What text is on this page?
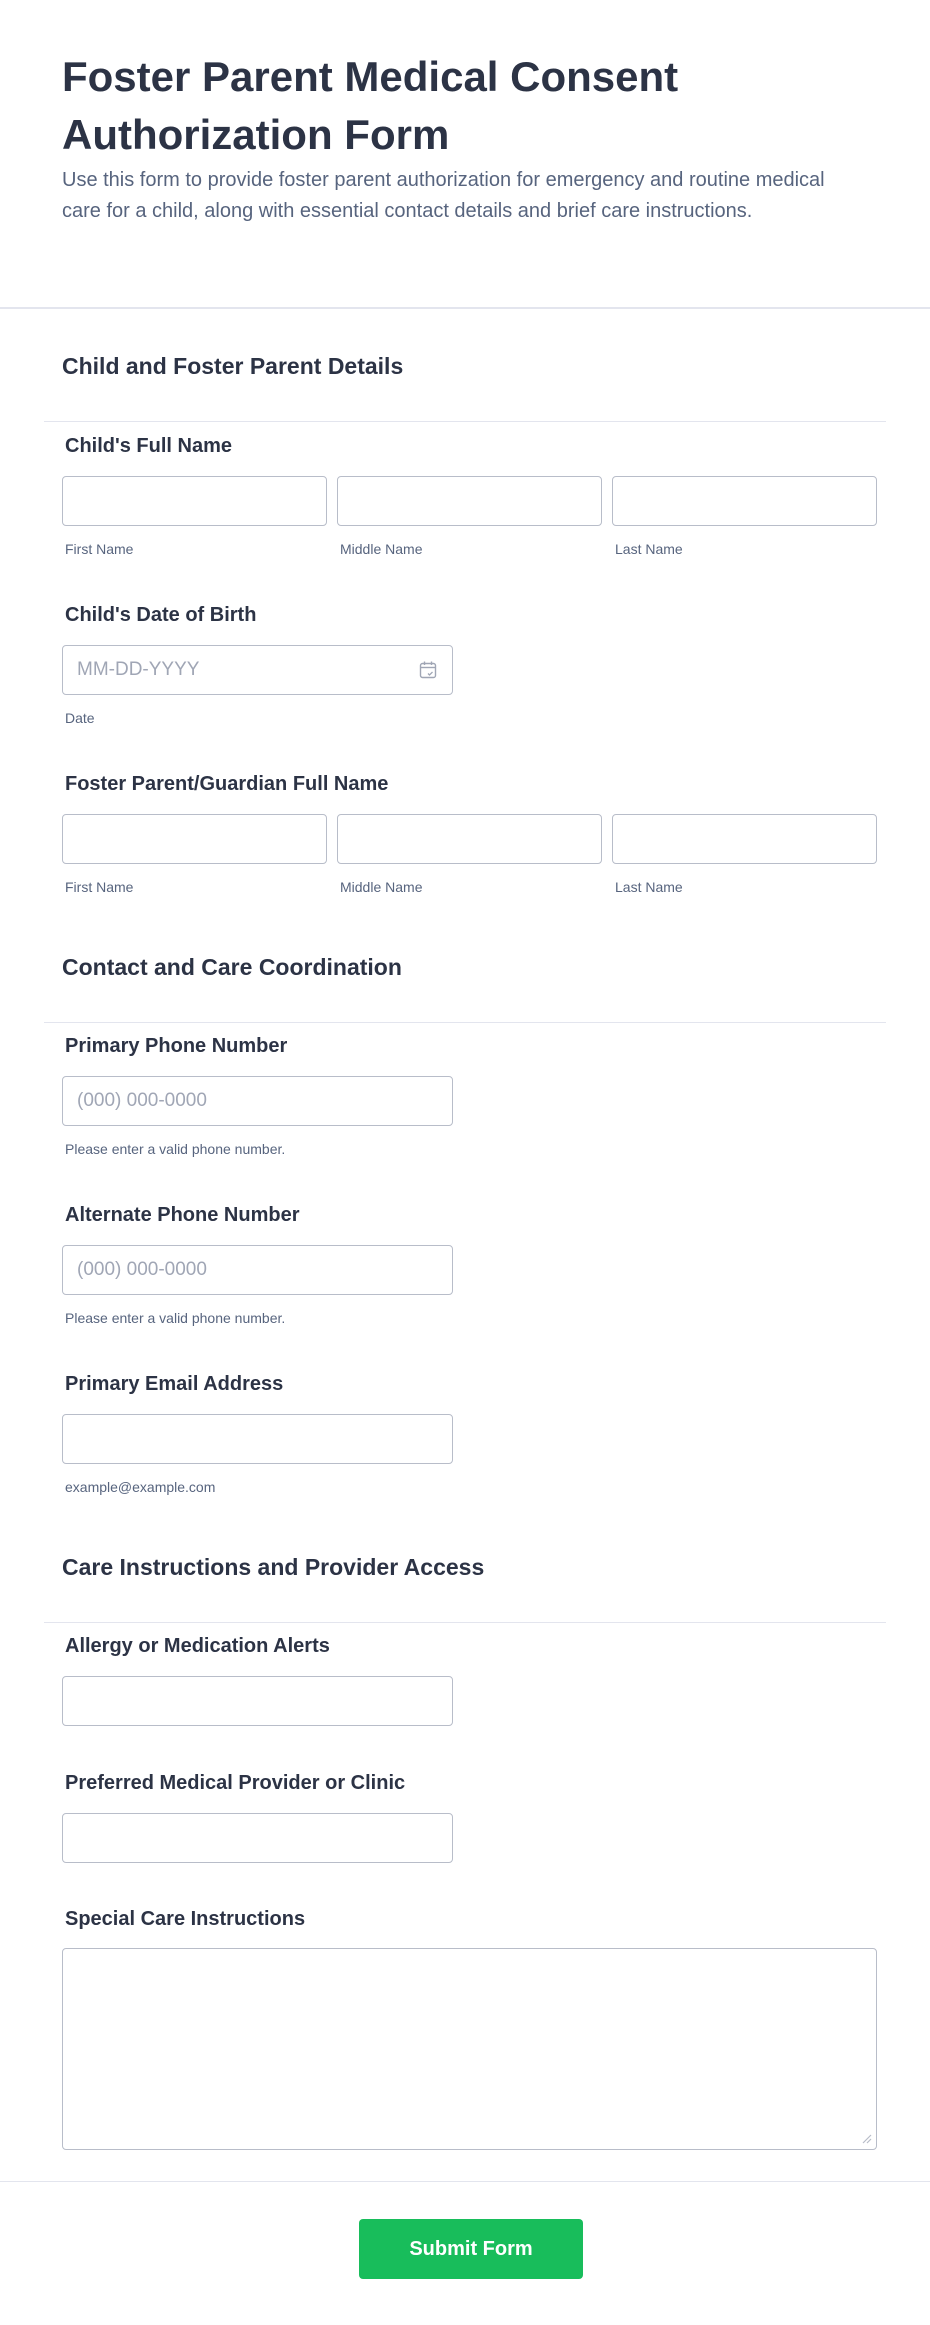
Foster Parent Medical Consent Authorization Form

Use this form to provide foster parent authorization for emergency and routine medical care for a child, along with essential contact details and brief care instructions.

Child and Foster Parent Details
Child's Full Name
First Name	Middle Name	Last Name
Child's Date of Birth
MM-DD-YYYY
Date
Foster Parent/Guardian Full Name
First Name	Middle Name	Last Name
Contact and Care Coordination
Primary Phone Number
(000) 000-0000
Please enter a valid phone number.
Alternate Phone Number
(000) 000-0000
Please enter a valid phone number.
Primary Email Address
example@example.com
Care Instructions and Provider Access
Allergy or Medication Alerts
Preferred Medical Provider or Clinic
Special Care Instructions
Submit Form
